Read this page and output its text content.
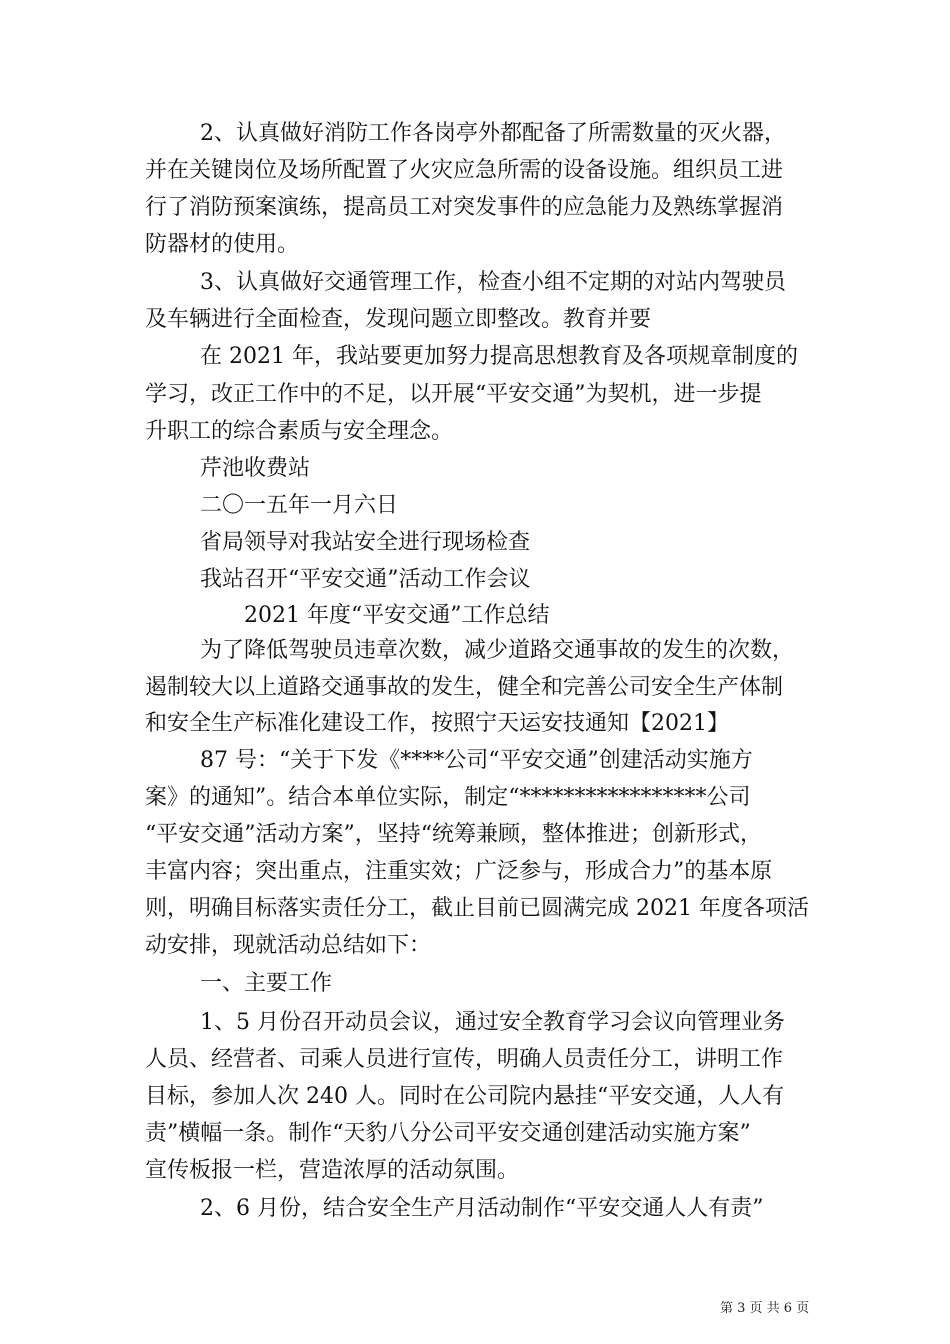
2、认真做好消防工作各岗亭外都配备了所需数量的灭火器，
并在关键岗位及场所配置了火灾应急所需的设备设施。组织员工进
行了消防预案演练，提高员工对突发事件的应急能力及熟练掌握消
防器材的使用。
3、认真做好交通管理工作，检查小组不定期的对站内驾驶员
及车辆进行全面检查，发现问题立即整改。教育并要
在 2021 年，我站要更加努力提高思想教育及各项规章制度的
学习，改正工作中的不足，以开展“平安交通”为契机，进一步提
升职工的综合素质与安全理念。
芹池收费站
二〇一五年一月六日
省局领导对我站安全进行现场检查
我站召开“平安交通”活动工作会议
2021 年度“平安交通”工作总结
为了降低驾驶员违章次数，减少道路交通事故的发生的次数，
遏制较大以上道路交通事故的发生，健全和完善公司安全生产体制
和安全生产标准化建设工作，按照宁天运安技通知【2021】
87 号：“关于下发《****公司“平安交通”创建活动实施方
案》的通知”。结合本单位实际，制定“*****************公司
“平安交通”活动方案”，坚持“统筹兼顾，整体推进；创新形式，
丰富内容；突出重点，注重实效；广泛参与，形成合力”的基本原
则，明确目标落实责任分工，截止目前已圆满完成 2021 年度各项活
动安排，现就活动总结如下：
一、主要工作
1、5 月份召开动员会议，通过安全教育学习会议向管理业务
人员、经营者、司乘人员进行宣传，明确人员责任分工，讲明工作
目标，参加人次 240 人。同时在公司院内悬挂“平安交通，人人有
责”横幅一条。制作“天豹八分公司平安交通创建活动实施方案”
宣传板报一栏，营造浓厚的活动氛围。
2、6 月份，结合安全生产月活动制作“平安交通人人有责”
第 3 页 共 6 页
